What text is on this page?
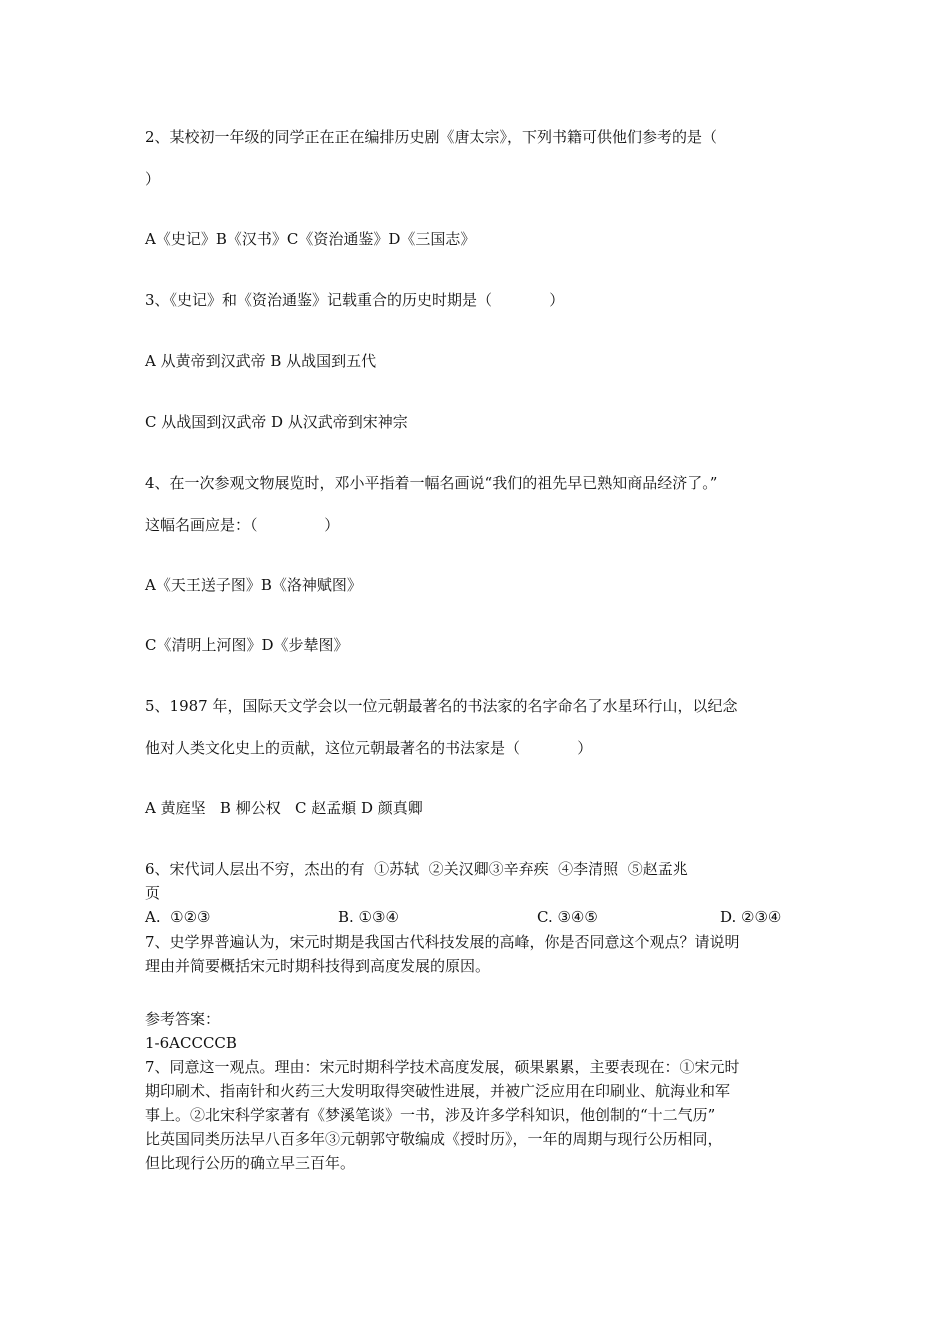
2、某校初一年级的同学正在正在编排历史剧《唐太宗》，下列书籍可供他们参考的是（

）

A《史记》B《汉书》C《资治通鉴》D《三国志》

3、《史记》和《资治通鉴》记载重合的历史时期是（            ）

A 从黄帝到汉武帝 B 从战国到五代

C 从战国到汉武帝 D 从汉武帝到宋神宗

4、在一次参观文物展览时，邓小平指着一幅名画说“我们的祖先早已熟知商品经济了。”

这幅名画应是：（              ）

A《天王送子图》B《洛神赋图》

C《清明上河图》D《步辇图》

5、1987 年，国际天文学会以一位元朝最著名的书法家的名字命名了水星环行山，以纪念

他对人类文化史上的贡献，这位元朝最著名的书法家是（            ）

A 黄庭坚   B 柳公权   C 赵孟頫 D 颜真卿

6、宋代词人层出不穷，杰出的有  ①苏轼  ②关汉卿③辛弃疾  ④李清照  ⑤赵孟兆

页

A.  ①②③	B. ①③④	C. ③④⑤	D. ②③④

7、史学界普遍认为，宋元时期是我国古代科技发展的高峰，你是否同意这个观点？请说明

理由并简要概括宋元时期科技得到高度发展的原因。

参考答案：

1-6ACCCCB

7、同意这一观点。理由：宋元时期科学技术高度发展，硕果累累，主要表现在：①宋元时

期印刷术、指南针和火药三大发明取得突破性进展，并被广泛应用在印刷业、航海业和军

事上。②北宋科学家著有《梦溪笔谈》一书，涉及许多学科知识，他创制的“十二气历”

比英国同类历法早八百多年③元朝郭守敬编成《授时历》，一年的周期与现行公历相同，

但比现行公历的确立早三百年。
